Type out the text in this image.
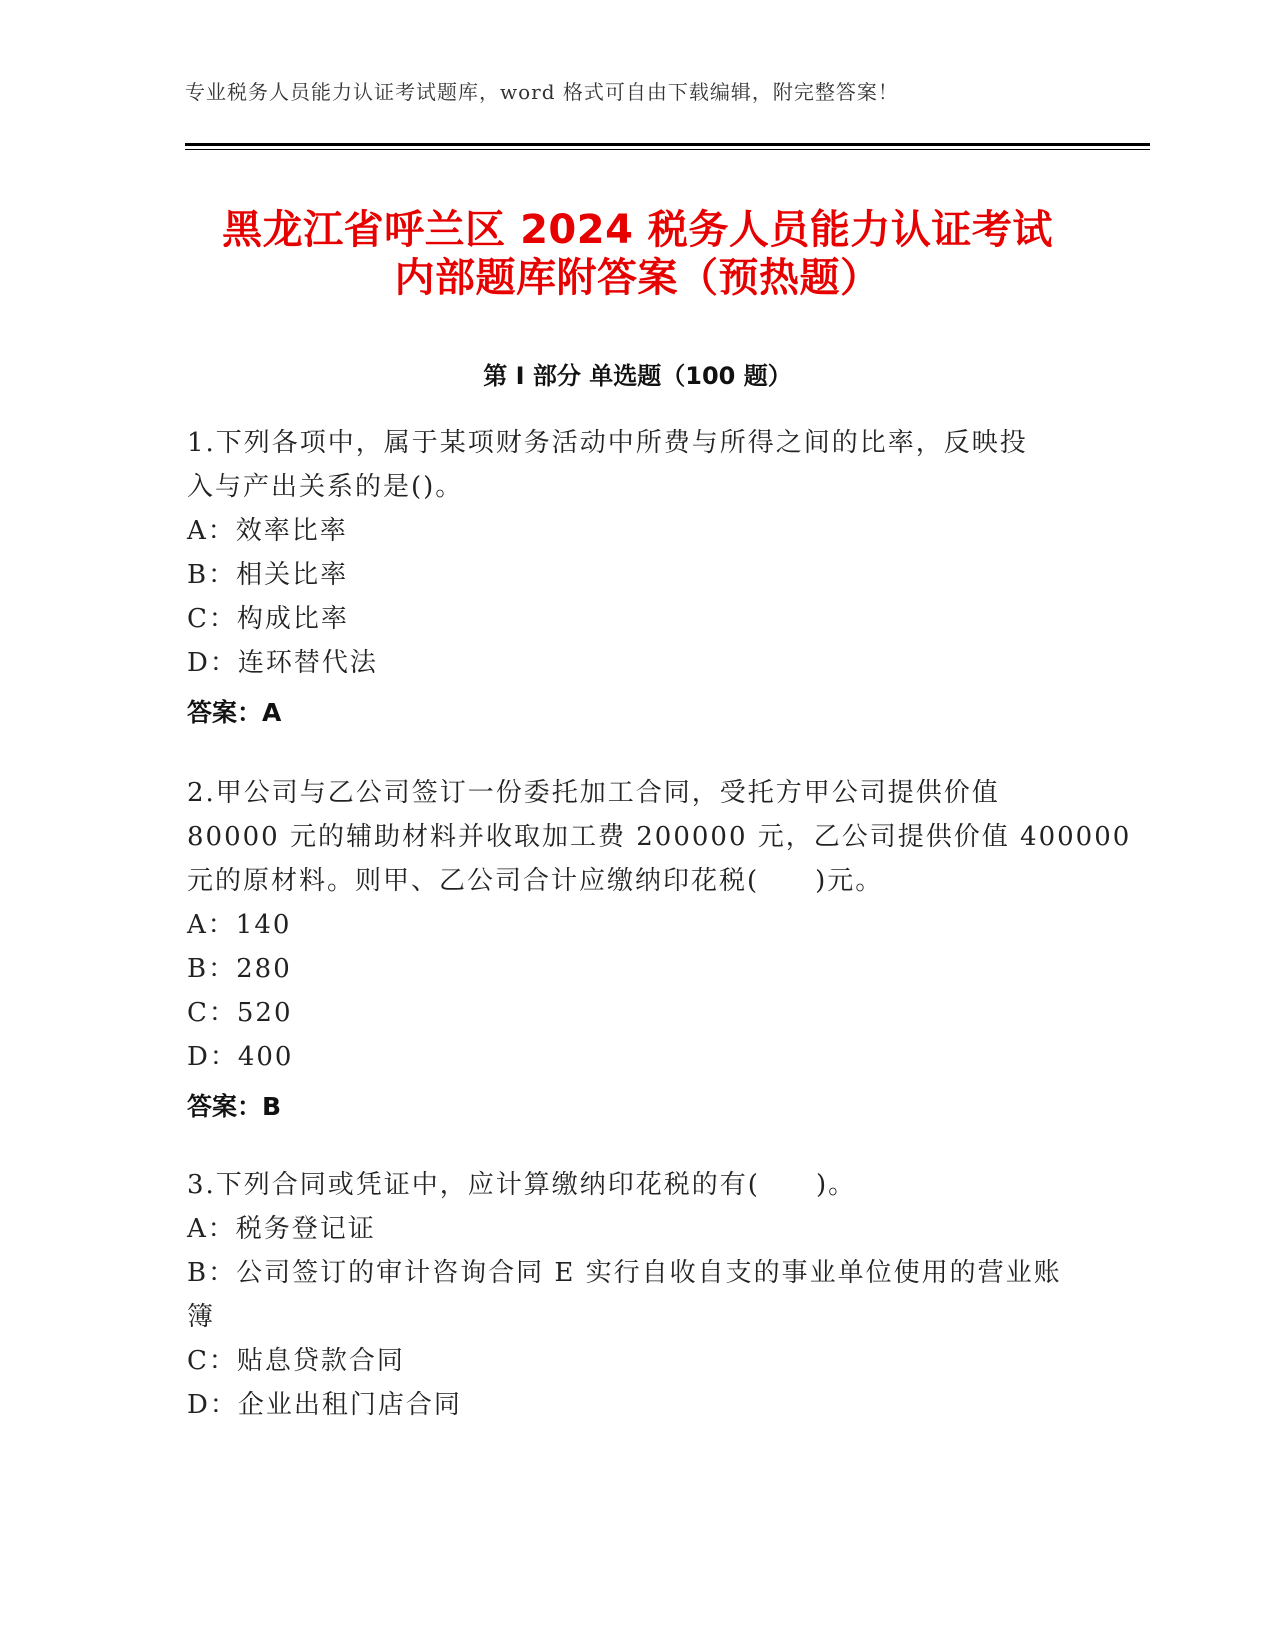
专业税务人员能力认证考试题库，word 格式可自由下载编辑，附完整答案！
黑龙江省呼兰区 2024 税务人员能力认证考试
内部题库附答案（预热题）
第 I 部分 单选题（100 题）
1.下列各项中，属于某项财务活动中所费与所得之间的比率，反映投
入与产出关系的是()。
A：效率比率
B：相关比率
C：构成比率
D：连环替代法
答案：A
2.甲公司与乙公司签订一份委托加工合同，受托方甲公司提供价值
80000 元的辅助材料并收取加工费 200000 元，乙公司提供价值 400000
元的原材料。则甲、乙公司合计应缴纳印花税(　　)元。
A：140
B：280
C：520
D：400
答案：B
3.下列合同或凭证中，应计算缴纳印花税的有(　　)。
A：税务登记证
B：公司签订的审计咨询合同 E 实行自收自支的事业单位使用的营业账
簿
C：贴息贷款合同
D：企业出租门店合同
